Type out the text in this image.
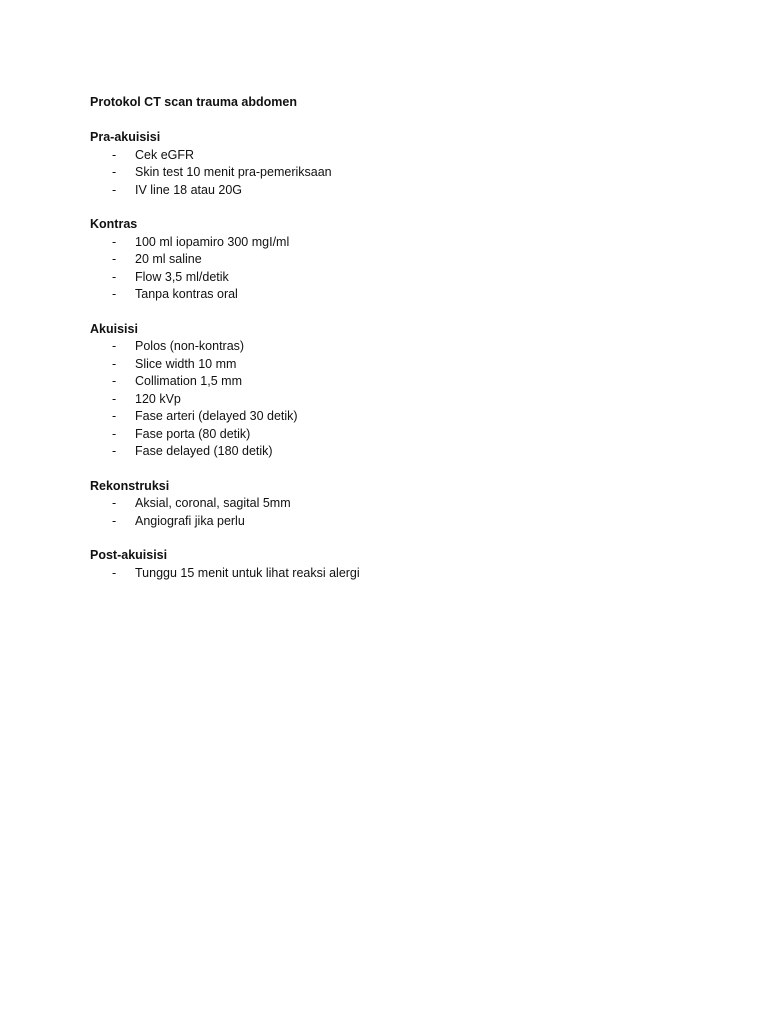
Protokol CT scan trauma abdomen

Pra-akuisisi

- Cek eGFR
- Skin test 10 menit pra-pemeriksaan
- IV line 18 atau 20G

Kontras

- 100 ml iopamiro 300 mgI/ml
- 20 ml saline
- Flow 3,5 ml/detik
- Tanpa kontras oral

Akuisisi

- Polos (non-kontras)
- Slice width 10 mm
- Collimation 1,5 mm
- 120 kVp
- Fase arteri (delayed 30 detik)
- Fase porta (80 detik)
- Fase delayed (180 detik)

Rekonstruksi

- Aksial, coronal, sagital 5mm
- Angiografi jika perlu

Post-akuisisi

- Tunggu 15 menit untuk lihat reaksi alergi
